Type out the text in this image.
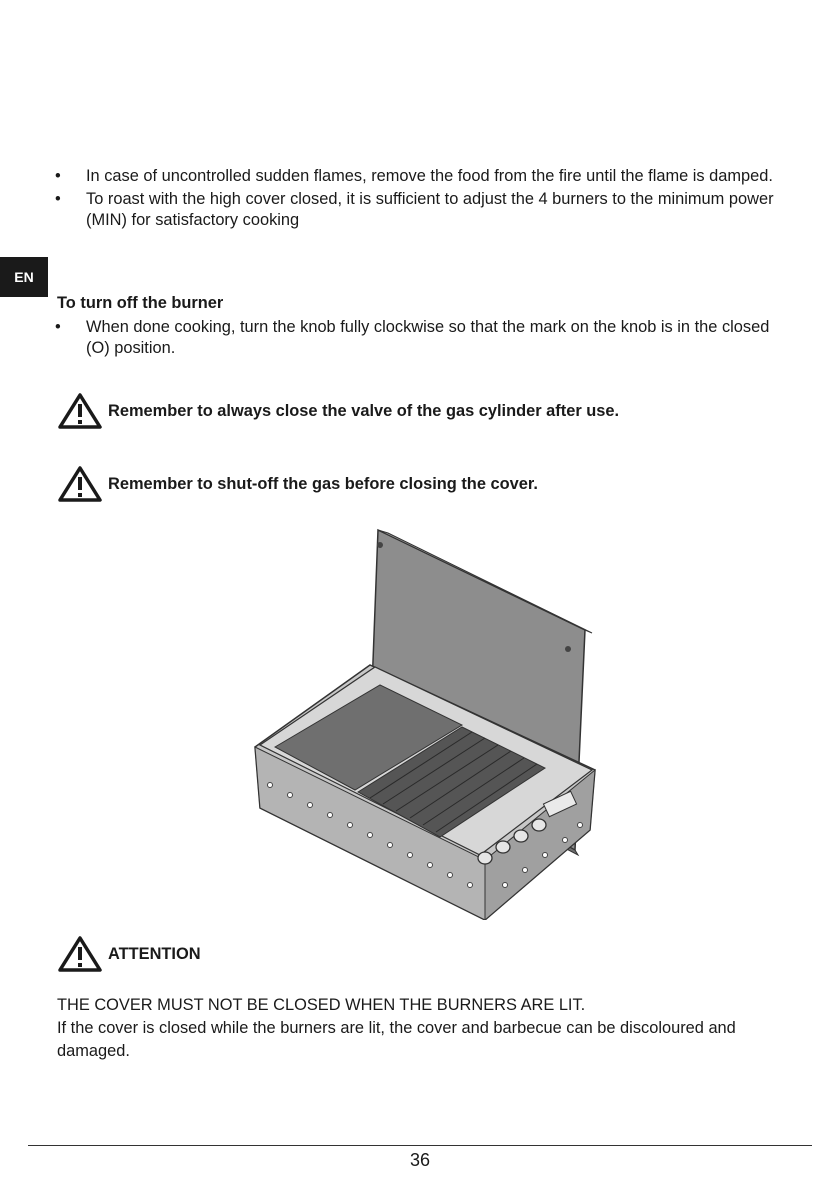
EN
• In case of uncontrolled sudden flames, remove the food from the fire until the flame is damped.
• To roast with the high cover closed, it is sufficient to adjust the 4 burners to the minimum power (MIN) for satisfactory cooking
To turn off the burner
• When done cooking, turn the knob fully clockwise so that the mark on the knob is in the closed (O) position.
Remember to always close the valve of the gas cylinder after use.
Remember to shut-off the gas before closing the cover.
ATTENTION
THE COVER MUST NOT BE CLOSED WHEN THE BURNERS ARE LIT.
If the cover is closed while the burners are lit, the cover and barbecue can be discoloured and damaged.
36
